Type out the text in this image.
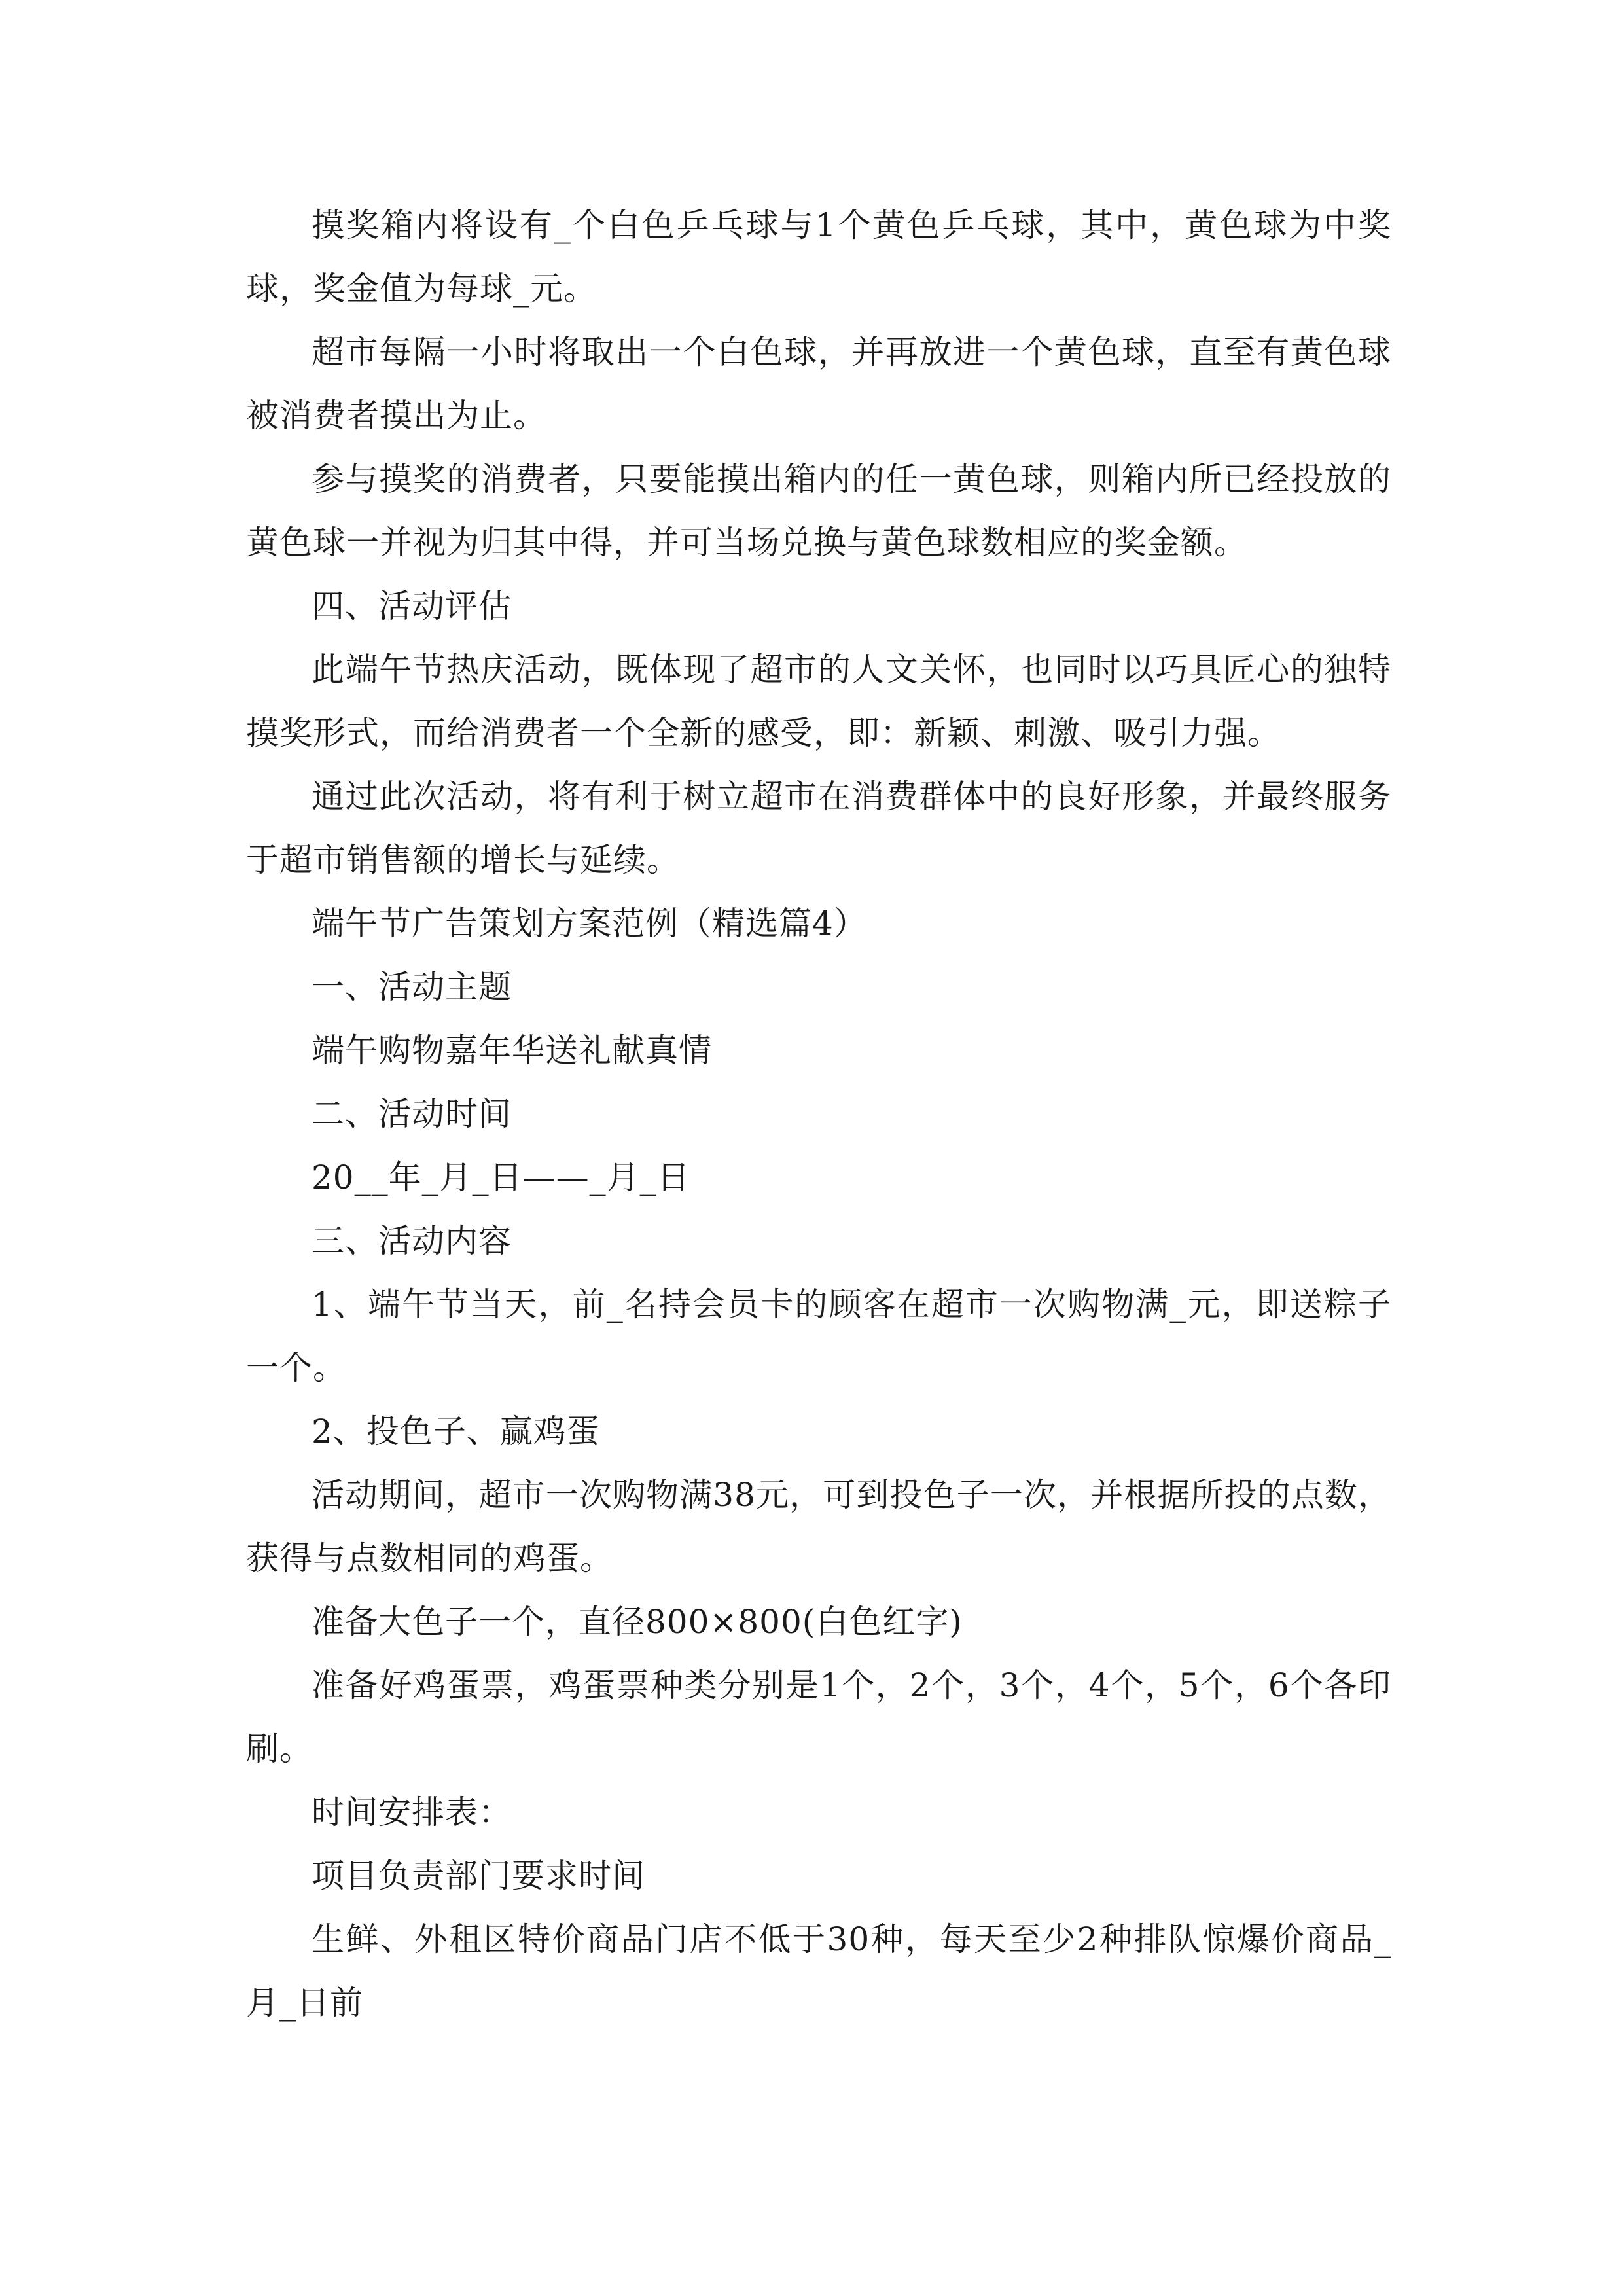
摸奖箱内将设有_个白色乒乓球与1个黄色乒乓球，其中，黄色球为中奖球，奖金值为每球_元。

超市每隔一小时将取出一个白色球，并再放进一个黄色球，直至有黄色球被消费者摸出为止。

参与摸奖的消费者，只要能摸出箱内的任一黄色球，则箱内所已经投放的黄色球一并视为归其中得，并可当场兑换与黄色球数相应的奖金额。

四、活动评估

此端午节热庆活动，既体现了超市的人文关怀，也同时以巧具匠心的独特摸奖形式，而给消费者一个全新的感受，即：新颖、刺激、吸引力强。

通过此次活动，将有利于树立超市在消费群体中的良好形象，并最终服务于超市销售额的增长与延续。

端午节广告策划方案范例（精选篇4）

一、活动主题

端午购物嘉年华送礼献真情

二、活动时间

20__年_月_日——_月_日

三、活动内容

1、端午节当天，前_名持会员卡的顾客在超市一次购物满_元，即送粽子一个。

2、投色子、赢鸡蛋

活动期间，超市一次购物满38元，可到投色子一次，并根据所投的点数，获得与点数相同的鸡蛋。

准备大色子一个，直径800×800(白色红字)

准备好鸡蛋票，鸡蛋票种类分别是1个，2个，3个，4个，5个，6个各印刷。

时间安排表：

项目负责部门要求时间

生鲜、外租区特价商品门店不低于30种，每天至少2种排队惊爆价商品_月_日前
